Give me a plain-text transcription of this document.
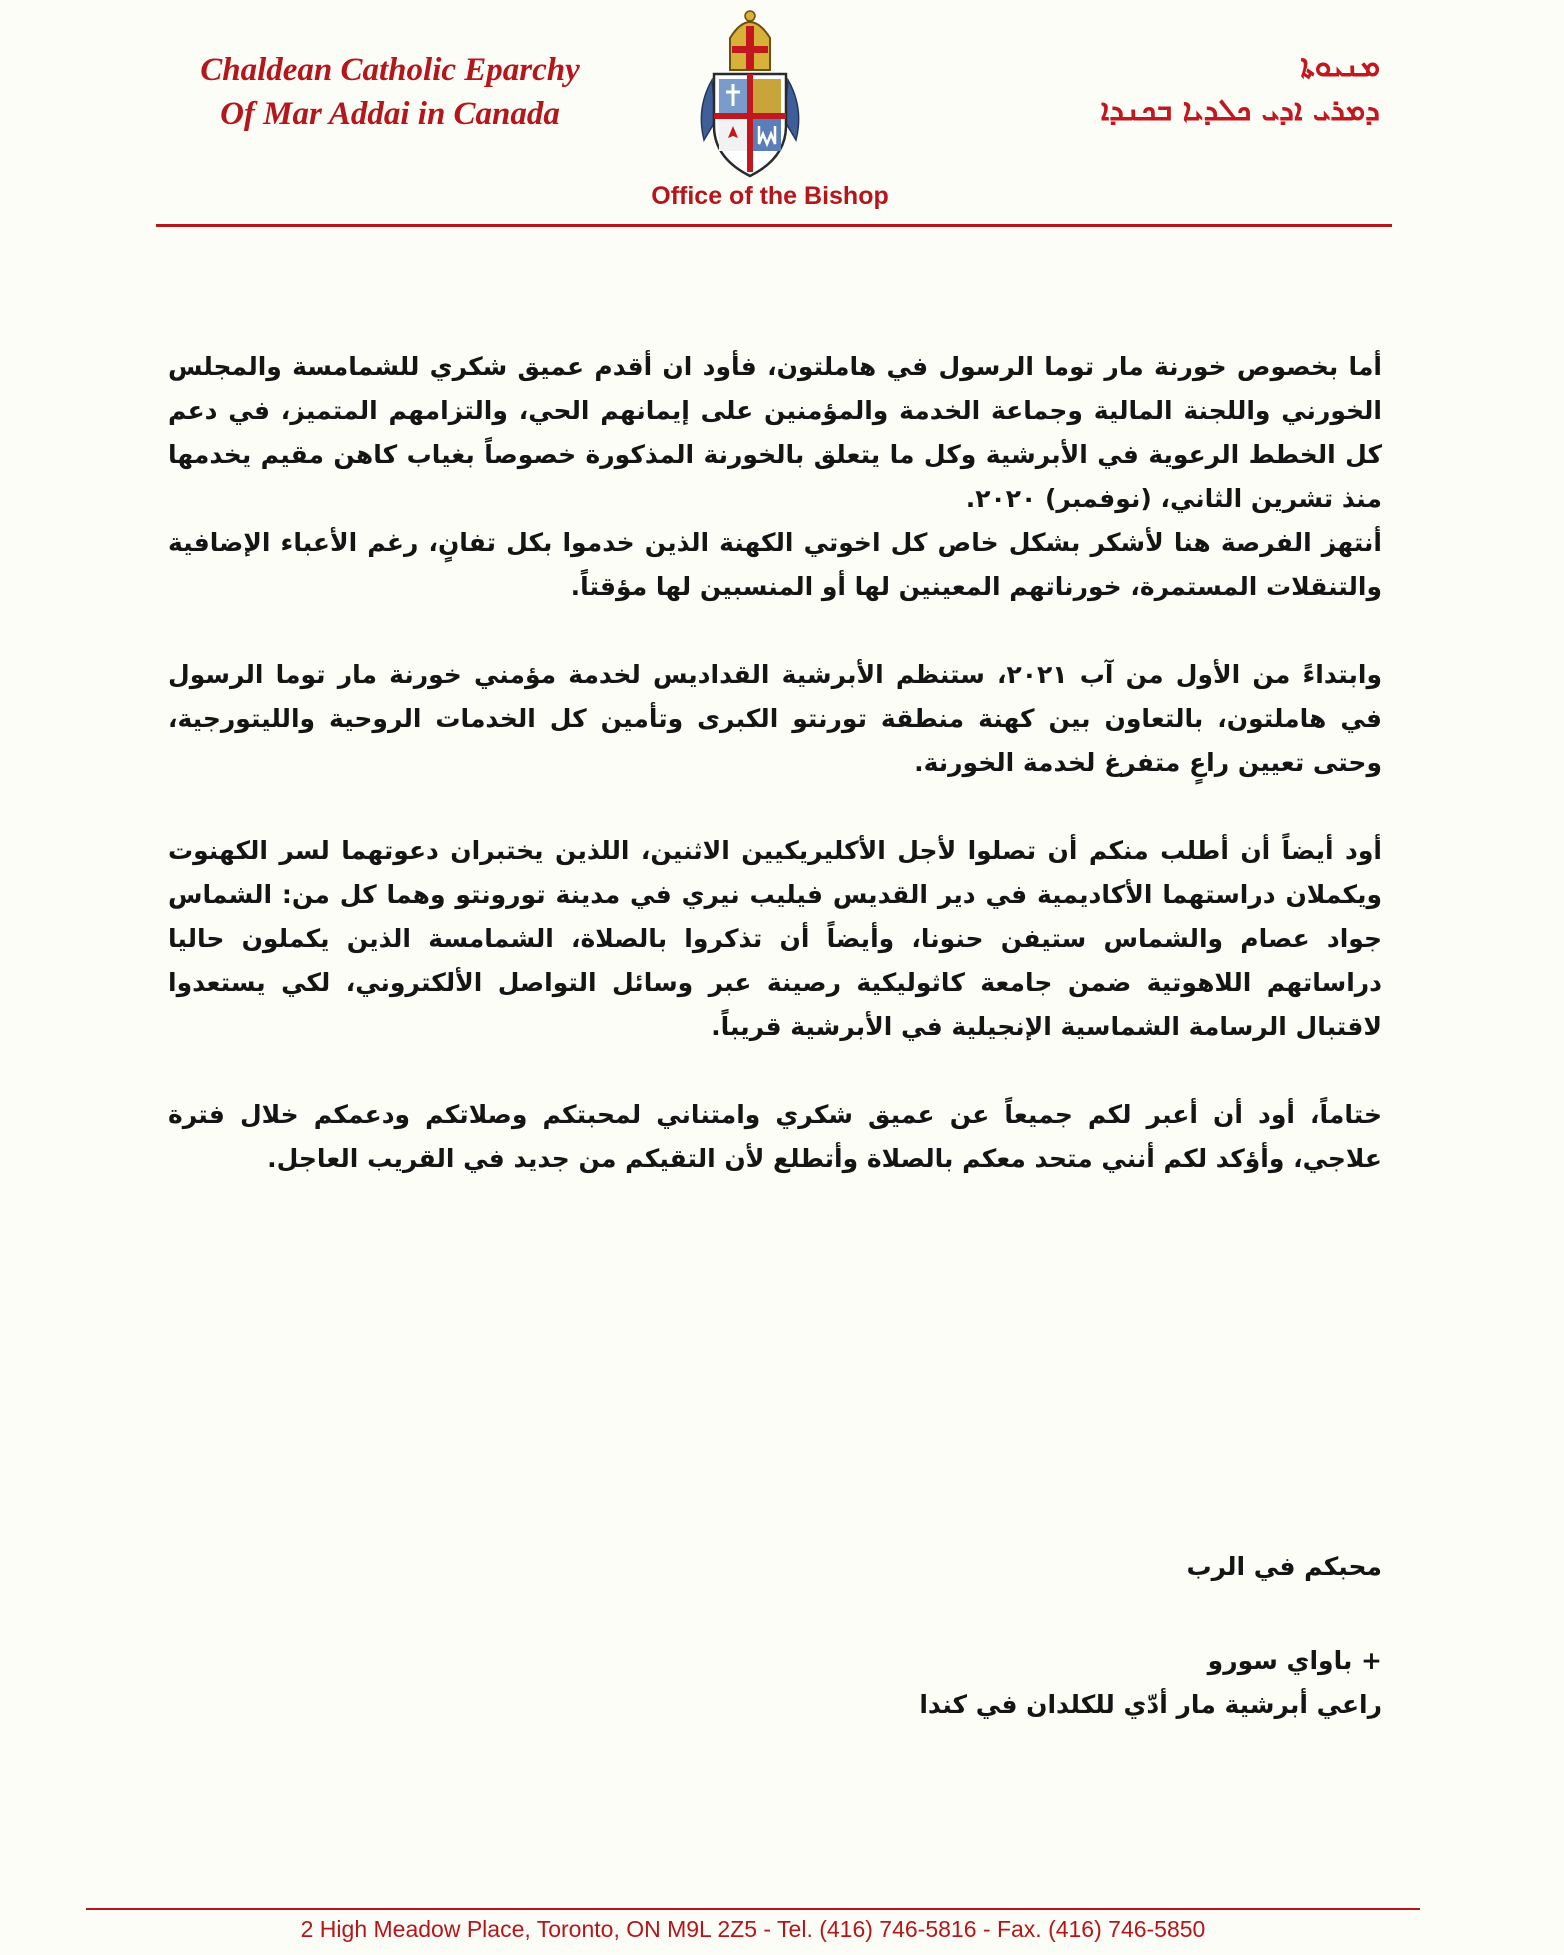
Chaldean Catholic Eparchy
Of Mar Addai in Canada
ܡܢܝܘܬܐ
ܕܡܪܝ ܐܕܝ ܟܠܕܝܐ ܒܟܢܕܐ
Office of the Bishop

أما بخصوص خورنة مار توما الرسول في هاملتون، فأود ان أقدم عميق شكري للشمامسة والمجلس الخورني واللجنة المالية وجماعة الخدمة والمؤمنين على إيمانهم الحي، والتزامهم المتميز، في دعم كل الخطط الرعوية في الأبرشية وكل ما يتعلق بالخورنة المذكورة خصوصاً بغياب كاهن مقيم يخدمها منذ تشرين الثاني، (نوفمبر) ٢٠٢٠.

أنتهز الفرصة هنا لأشكر بشكل خاص كل اخوتي الكهنة الذين خدموا بكل تفانٍ، رغم الأعباء الإضافية والتنقلات المستمرة، خورناتهم المعينين لها أو المنسبين لها مؤقتاً.

وابتداءً من الأول من آب ٢٠٢١، ستنظم الأبرشية القداديس لخدمة مؤمني خورنة مار توما الرسول في هاملتون، بالتعاون بين كهنة منطقة تورنتو الكبرى وتأمين كل الخدمات الروحية والليتورجية، وحتى تعيين راعٍ متفرغ لخدمة الخورنة.

أود أيضاً أن أطلب منكم أن تصلوا لأجل الأكليريكيين الاثنين، اللذين يختبران دعوتهما لسر الكهنوت ويكملان دراستهما الأكاديمية في دير القديس فيليب نيري في مدينة تورونتو وهما كل من: الشماس جواد عصام والشماس ستيفن حنونا، وأيضاً أن تذكروا بالصلاة، الشمامسة الذين يكملون حاليا دراساتهم اللاهوتية ضمن جامعة كاثوليكية رصينة عبر وسائل التواصل الألكتروني، لكي يستعدوا لاقتبال الرسامة الشماسية الإنجيلية في الأبرشية قريباً.

ختاماً، أود أن أعبر لكم جميعاً عن عميق شكري وامتناني لمحبتكم وصلاتكم ودعمكم خلال فترة علاجي، وأؤكد لكم أنني متحد معكم بالصلاة وأتطلع لأن التقيكم من جديد في القريب العاجل.

محبكم في الرب
+ باواي سورو
راعي أبرشية مار أدّي للكلدان في كندا
2 High Meadow Place, Toronto, ON M9L 2Z5 - Tel. (416) 746-5816 - Fax. (416) 746-5850
